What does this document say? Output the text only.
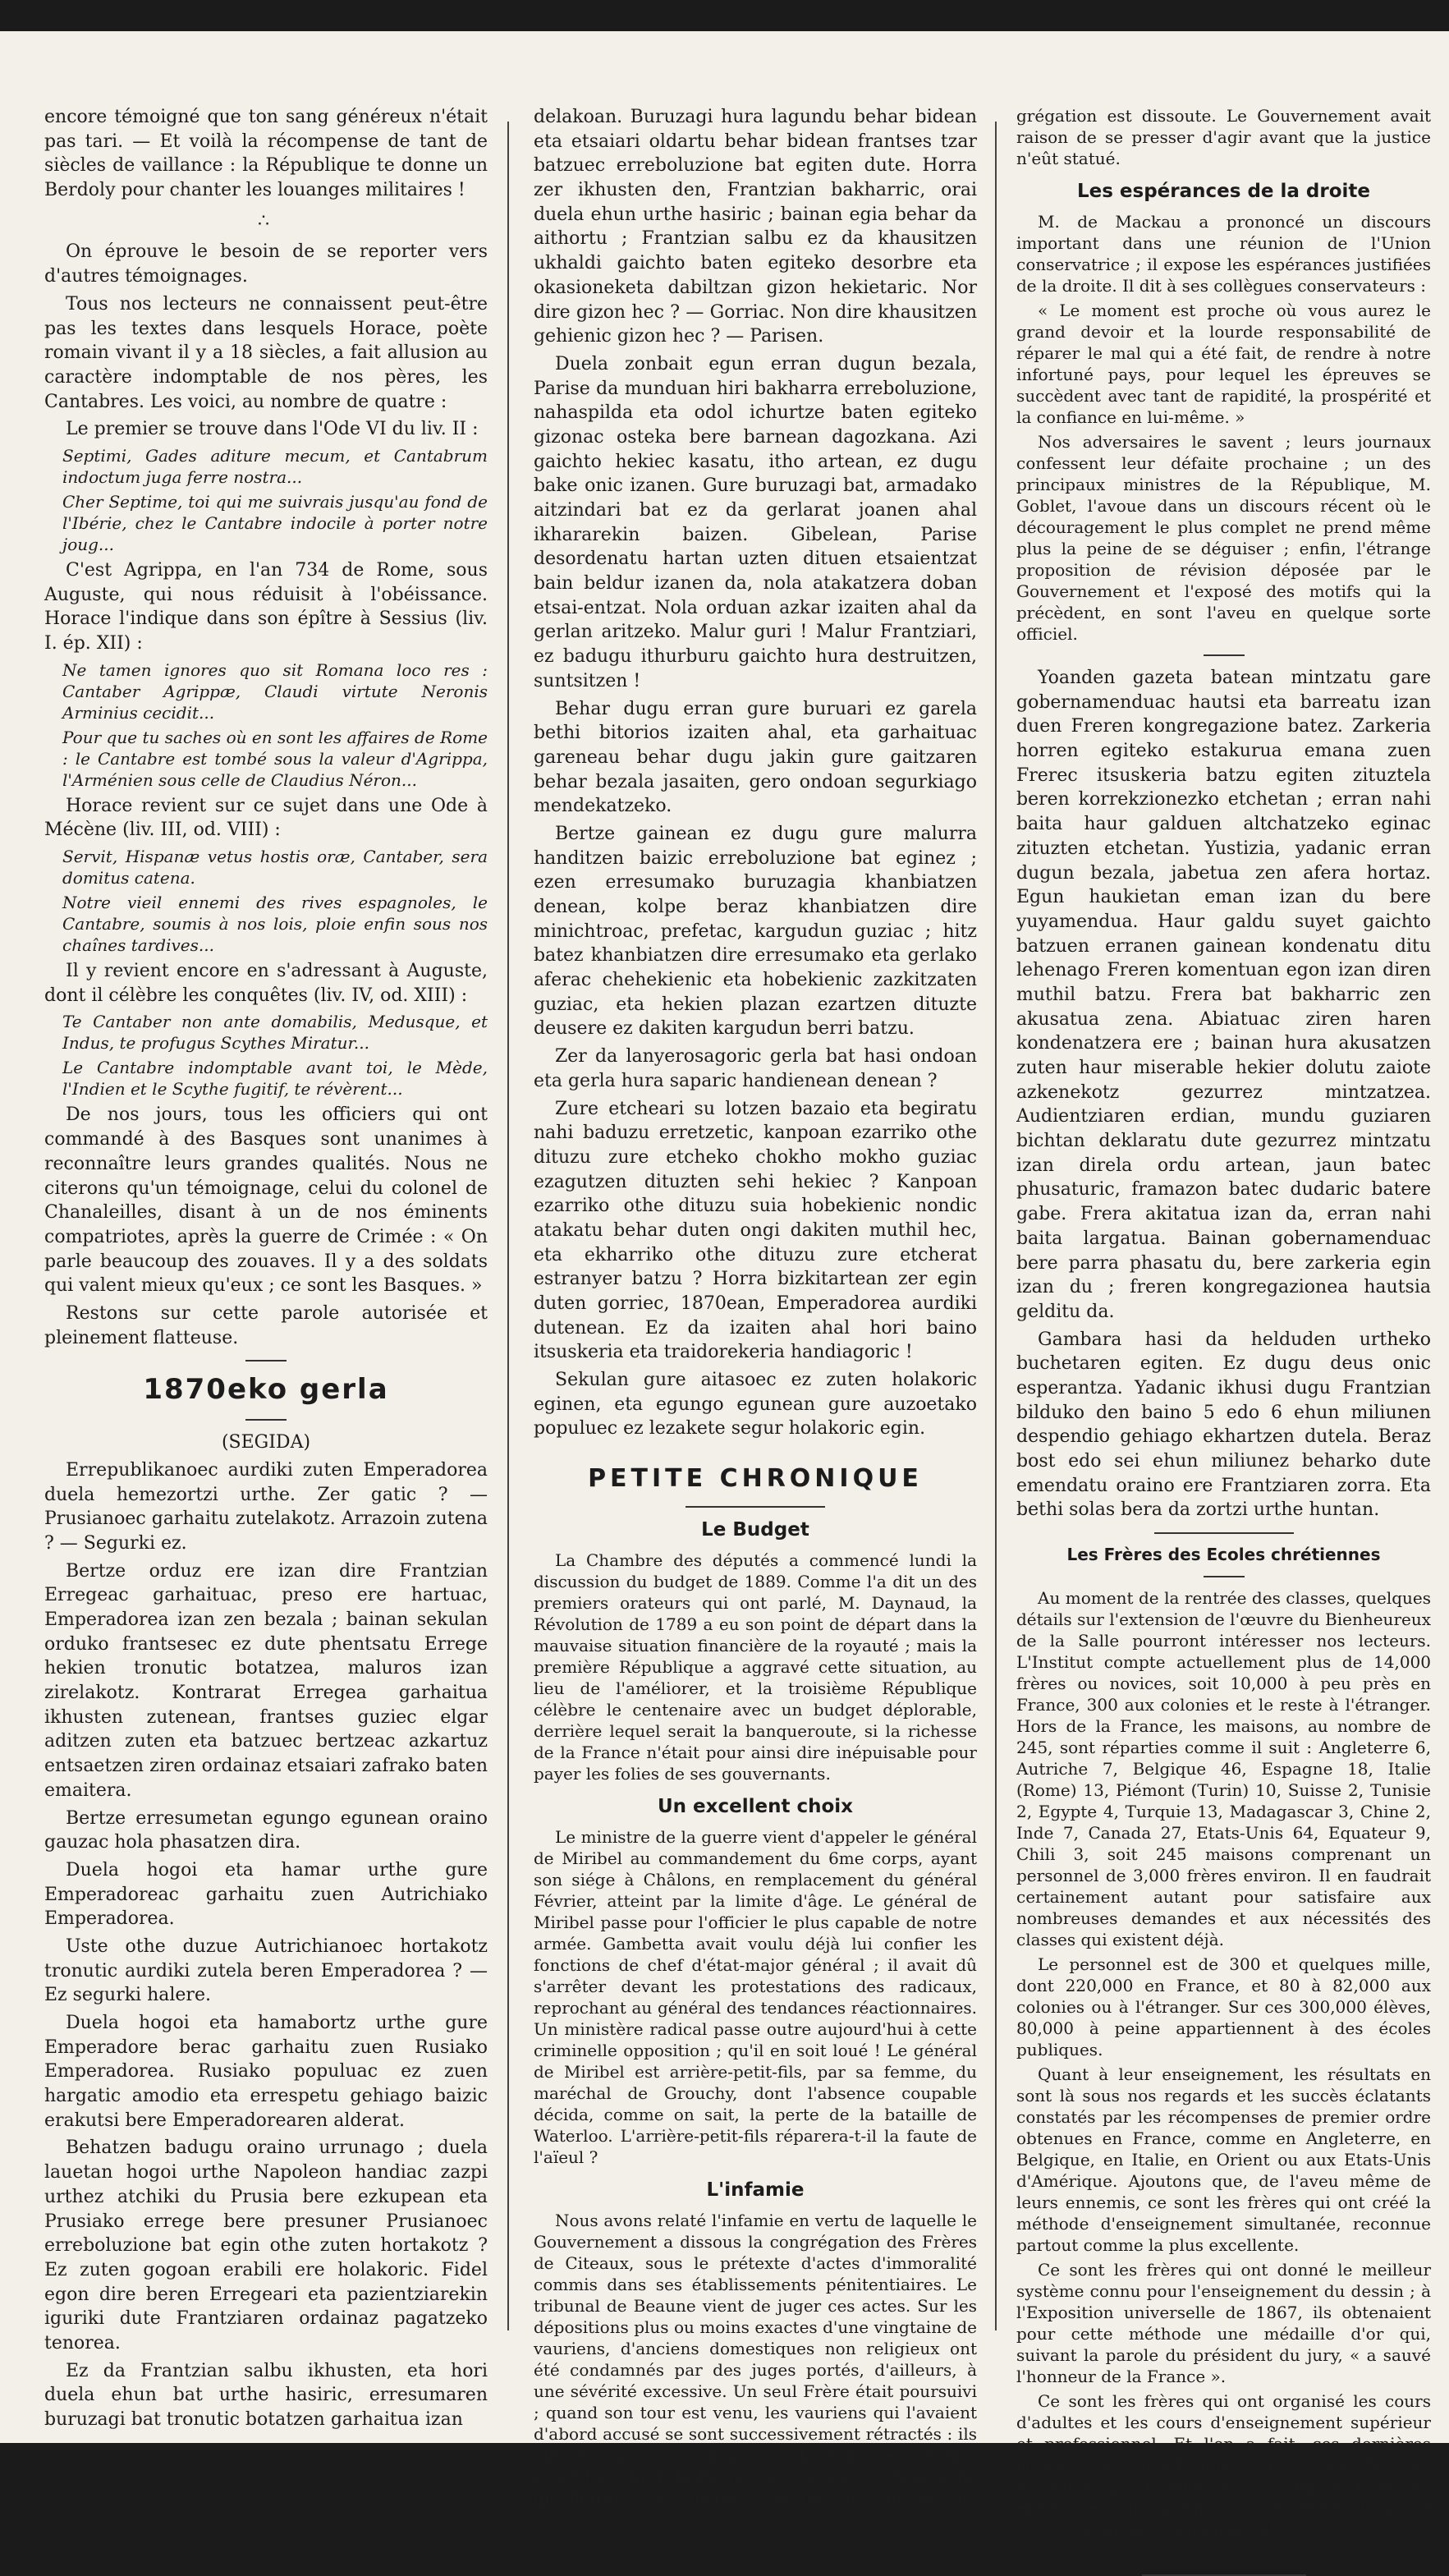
encore témoigné que ton sang généreux n'était pas tari. — Et voilà la récompense de tant de siècles de vaillance : la République te donne un Berdoly pour chanter les louanges militaires !

∴

On éprouve le besoin de se reporter vers d'autres témoignages.

Tous nos lecteurs ne connaissent peut-être pas les textes dans lesquels Horace, poète romain vivant il y a 18 siècles, a fait allusion au caractère indomptable de nos pères, les Cantabres. Les voici, au nombre de quatre :

Le premier se trouve dans l'Ode VI du liv. II :

Septimi, Gades aditure mecum, et Cantabrum indoctum juga ferre nostra...

Cher Septime, toi qui me suivrais jusqu'au fond de l'Ibérie, chez le Cantabre indocile à porter notre joug...

C'est Agrippa, en l'an 734 de Rome, sous Auguste, qui nous réduisit à l'obéissance. Horace l'indique dans son épître à Sessius (liv. I. ép. XII) :

Ne tamen ignores quo sit Romana loco res : Cantaber Agrippæ, Claudi virtute Neronis Arminius cecidit...

Pour que tu saches où en sont les affaires de Rome : le Cantabre est tombé sous la valeur d'Agrippa, l'Arménien sous celle de Claudius Néron...

Horace revient sur ce sujet dans une Ode à Mécène (liv. III, od. VIII) :

Servit, Hispanæ vetus hostis oræ, Cantaber, sera domitus catena.

Notre vieil ennemi des rives espagnoles, le Cantabre, soumis à nos lois, ploie enfin sous nos chaînes tardives...

Il y revient encore en s'adressant à Auguste, dont il célèbre les conquêtes (liv. IV, od. XIII) :

Te Cantaber non ante domabilis, Medusque, et Indus, te profugus Scythes Miratur...

Le Cantabre indomptable avant toi, le Mède, l'Indien et le Scythe fugitif, te révèrent...

De nos jours, tous les officiers qui ont commandé à des Basques sont unanimes à reconnaître leurs grandes qualités. Nous ne citerons qu'un témoignage, celui du colonel de Chanaleilles, disant à un de nos éminents compatriotes, après la guerre de Crimée : « On parle beaucoup des zouaves. Il y a des soldats qui valent mieux qu'eux ; ce sont les Basques. »

Restons sur cette parole autorisée et pleinement flatteuse.

1870eko gerla

(SEGIDA)

Errepublikanoec aurdiki zuten Emperadorea duela hemezortzi urthe. Zer gatic ? — Prusianoec garhaitu zutelakotz. Arrazoin zutena ? — Segurki ez.

Bertze orduz ere izan dire Frantzian Erregeac garhaituac, preso ere hartuac, Emperadorea izan zen bezala ; bainan sekulan orduko frantsesec ez dute phentsatu Errege hekien tronutic botatzea, maluros izan zirelakotz. Kontrarat Erregea garhaitua ikhusten zutenean, frantses guziec elgar aditzen zuten eta batzuec bertzeac azkartuz entsaetzen ziren ordainaz etsaiari zafrako baten emaitera.

Bertze erresumetan egungo egunean oraino gauzac hola phasatzen dira.

Duela hogoi eta hamar urthe gure Emperadoreac garhaitu zuen Autrichiako Emperadorea.

Uste othe duzue Autrichianoec hortakotz tronutic aurdiki zutela beren Emperadorea ? — Ez segurki halere.

Duela hogoi eta hamabortz urthe gure Emperadore berac garhaitu zuen Rusiako Emperadorea. Rusiako populuac ez zuen hargatic amodio eta errespetu gehiago baizic erakutsi bere Emperadorearen alderat.

Behatzen badugu oraino urrunago ; duela lauetan hogoi urthe Napoleon handiac zazpi urthez atchiki du Prusia bere ezkupean eta Prusiako erregе bere presuner Prusianoec erreboluzione bat egin othe zuten hortakotz ? Ez zuten gogoan erabili ere holakoric. Fidel egon dire beren Erregeari eta pazientziarekin iguriki dute Frantziaren ordainaz pagatzeko tenorea.

Ez da Frantzian salbu ikhusten, eta hori duela ehun bat urthe hasiric, erresumaren buruzagi bat tronutic botatzen garhaitua izan

delakoan. Buruzagi hura lagundu behar bidean eta etsaiari oldartu behar bidean frantses tzar batzuec erreboluzione bat egiten dute. Horra zer ikhusten den, Frantzian bakharric, orai duela ehun urthe hasiric ; bainan egia behar da aithortu ; Frantzian salbu ez da khausitzen ukhaldi gaichto baten egiteko desorbre eta okasioneketa dabiltzan gizon hekietaric. Nor dire gizon hec ? — Gorriac. Non dire khausitzen gehienic gizon hec ? — Parisen.

Duela zonbait egun erran dugun bezala, Parise da munduan hiri bakharra erreboluzione, nahaspilda eta odol ichurtze baten egiteko gizonac osteka bere barnean dagozkana. Azi gaichto hekiec kasatu, itho artean, ez dugu bake onic izanen. Gure buruzagi bat, armadako aitzindari bat ez da gerlarat joanen ahal ikhararekin baizen. Gibelean, Parise desordenatu hartan uzten dituen etsaientzat bain beldur izanen da, nola atakatzera doban etsai-entzat. Nola orduan azkar izaiten ahal da gerlan aritzeko. Malur guri ! Malur Frantziari, ez badugu ithurburu gaichto hura destruitzen, suntsitzen !

Behar dugu erran gure buruari ez garela bethi bitorios izaiten ahal, eta garhaituac gareneau behar dugu jakin gure gaitzaren behar bezala jasaiten, gero ondoan segurkiago mendekatzeko.

Bertze gainean ez dugu gure malurra handitzen baizic erreboluzione bat eginez ; ezen erresumako buruzagia khanbiatzen denean, kolpe beraz khanbiatzen dire minichtroac, prefetac, kargudun guziac ; hitz batez khanbiatzen dire erresumako eta gerlako aferac chehekienic eta hobekienic zazkitzaten guziac, eta hekien plazan ezartzen dituzte deusere ez dakiten kargudun berri batzu.

Zer da lanyerosagoric gerla bat hasi ondoan eta gerla hura saparic handienean denean ?

Zure etcheari su lotzen bazaio eta begiratu nahi baduzu erretzetic, kanpoan ezarriko othe dituzu zure etcheko chokho mokho guziac ezagutzen dituzten sehi hekiec ? Kanpoan ezarriko othe dituzu suia hobekienic nondic atakatu behar duten ongi dakiten muthil hec, eta ekharriko othe dituzu zure etcherat estranyer batzu ? Horra bizkitartean zer egin duten gorriec, 1870ean, Emperadorea aurdiki dutenean. Ez da izaiten ahal hori baino itsuskeria eta traidorekeria handiagoric !

Sekulan gure aitasoec ez zuten holakoric eginen, eta egungo egunean gure auzoetako populuec ez lezakete segur holakoric egin.

PETITE CHRONIQUE
Le Budget

La Chambre des députés a commencé lundi la discussion du budget de 1889. Comme l'a dit un des premiers orateurs qui ont parlé, M. Daynaud, la Révolution de 1789 a eu son point de départ dans la mauvaise situation financière de la royauté ; mais la première République a aggravé cette situation, au lieu de l'améliorer, et la troisième République célèbre le centenaire avec un budget déplorable, derrière lequel serait la banqueroute, si la richesse de la France n'était pour ainsi dire inépuisable pour payer les folies de ses gouvernants.

Un excellent choix

Le ministre de la guerre vient d'appeler le général de Miribel au commandement du 6me corps, ayant son siége à Châlons, en remplacement du général Février, atteint par la limite d'âge. Le général de Miribel passe pour l'officier le plus capable de notre armée. Gambetta avait voulu déjà lui confier les fonctions de chef d'état-major général ; il avait dû s'arrêter devant les protestations des radicaux, reprochant au général des tendances réactionnaires. Un ministère radical passe outre aujourd'hui à cette criminelle opposition ; qu'il en soit loué ! Le général de Miribel est arrière-petit-fils, par sa femme, du maréchal de Grouchy, dont l'absence coupable décida, comme on sait, la perte de la bataille de Waterloo. L'arrière-petit-fils réparera-t-il la faute de l'aïeul ?

L'infamie

Nous avons relaté l'infamie en vertu de laquelle le Gouvernement a dissous la congrégation des Frères de Citeaux, sous le prétexte d'actes d'immoralité commis dans ses établissements pénitentiaires. Le tribunal de Beaune vient de juger ces actes. Sur les dépositions plus ou moins exactes d'une vingtaine de vauriens, d'anciens domestiques non religieux ont été condamnés par des juges portés, d'ailleurs, à une sévérité excessive. Un seul Frère était poursuivi ; quand son tour est venu, les vauriens qui l'avaient d'abord accusé se sont successivement rétractés : ils ont déclaré avoir agi sous l'action de certains individus ; bref, le Frère a été acquitté. N'empêche que la franc-maçonnerie a exécuté son coup : la con-

grégation est dissoute. Le Gouvernement avait raison de se presser d'agir avant que la justice n'eût statué.

Les espérances de la droite

M. de Mackau a prononcé un discours important dans une réunion de l'Union conservatrice ; il expose les espérances justifiées de la droite. Il dit à ses collègues conservateurs :

« Le moment est proche où vous aurez le grand devoir et la lourde responsabilité de réparer le mal qui a été fait, de rendre à notre infortuné pays, pour lequel les épreuves se succèdent avec tant de rapidité, la prospérité et la confiance en lui-même. »

Nos adversaires le savent ; leurs journaux confessent leur défaite prochaine ; un des principaux ministres de la République, M. Goblet, l'avoue dans un discours récent où le découragement le plus complet ne prend même plus la peine de se déguiser ; enfin, l'étrange proposition de révision déposée par le Gouvernement et l'exposé des motifs qui la précèdent, en sont l'aveu en quelque sorte officiel.

Yoanden gazeta batean mintzatu gare gobernamenduac hautsi eta barreatu izan duen Freren kongregazione batez. Zarkeria horren egiteko estakurua emana zuen Frerec itsuskeria batzu egiten zituztela beren korrekzionezko etchetan ; erran nahi baita haur galduen altchatzeko eginac zituzten etchetan. Yustizia, yadanic erran dugun bezala, jabetua zen afera hortaz. Egun haukietan eman izan du bere yuyamendua. Haur galdu suyet gaichto batzuen erranen gainean kondenatu ditu lehenago Freren komentuan egon izan diren muthil batzu. Frera bat bakharric zen akusatua zena. Abiatuac ziren haren kondenatzera ere ; bainan hura akusatzen zuten haur miserable hekier dolutu zaiote azkenekotz gezurrez mintzatzea. Audientziaren erdian, mundu guziaren bichtan deklaratu dute gezurrez mintzatu izan direla ordu artean, jaun batec phusaturic, framazon batec dudaric batere gabe. Frera akitatua izan da, erran nahi baita largatua. Bainan gobernamenduac bere parra phasatu du, bere zarkeria egin izan du ; freren kongregazionea hautsia gelditu da.

Gambara hasi da helduden urtheko buchetaren egiten. Ez dugu deus onic esperantza. Yadanic ikhusi dugu Frantzian bilduko den baino 5 edo 6 ehun miliunen despendio gehiago ekhartzen dutela. Beraz bost edo sei ehun miliunez beharko dute emendatu oraino ere Frantziaren zorra. Eta bethi solas bera da zortzi urthe huntan.

Les Frères des Ecoles chrétiennes

Au moment de la rentrée des classes, quelques détails sur l'extension de l'œuvre du Bienheureux de la Salle pourront intéresser nos lecteurs. L'Institut compte actuellement plus de 14,000 frères ou novices, soit 10,000 à peu près en France, 300 aux colonies et le reste à l'étranger. Hors de la France, les maisons, au nombre de 245, sont réparties comme il suit : Angleterre 6, Autriche 7, Belgique 46, Espagne 18, Italie (Rome) 13, Piémont (Turin) 10, Suisse 2, Tunisie 2, Egypte 4, Turquie 13, Madagascar 3, Chine 2, Inde 7, Canada 27, Etats-Unis 64, Equateur 9, Chili 3, soit 245 maisons comprenant un personnel de 3,000 frères environ. Il en faudrait certainement autant pour satisfaire aux nombreuses demandes et aux nécessités des classes qui existent déjà.

Le personnel est de 300 et quelques mille, dont 220,000 en France, et 80 à 82,000 aux colonies ou à l'étranger. Sur ces 300,000 élèves, 80,000 à peine appartiennent à des écoles publiques.

Quant à leur enseignement, les résultats en sont là sous nos regards et les succès éclatants constatés par les récompenses de premier ordre obtenues en France, comme en Angleterre, en Belgique, en Italie, en Orient ou aux Etats-Unis d'Amérique. Ajoutons que, de l'aveu même de leurs ennemis, ce sont les frères qui ont créé la méthode d'enseignement simultanée, reconnue partout comme la plus excellente.

Ce sont les frères qui ont donné le meilleur système connu pour l'enseignement du dessin ; à l'Exposition universelle de 1867, ils obtenaient pour cette méthode une médaille d'or qui, suivant la parole du président du jury, « a sauvé l'honneur de la France ».

Ce sont les frères qui ont organisé les cours d'adultes et les cours d'enseignement supérieur et professionnel. Et l'on a fait, ces dernières années, le calcul que, sur 2,042 bourses accordées par la ville de Paris depuis 1848, les élèves des ignorantins en ont obtenu 1,547 et leurs concurrents seulement 495.

(Univers.)
